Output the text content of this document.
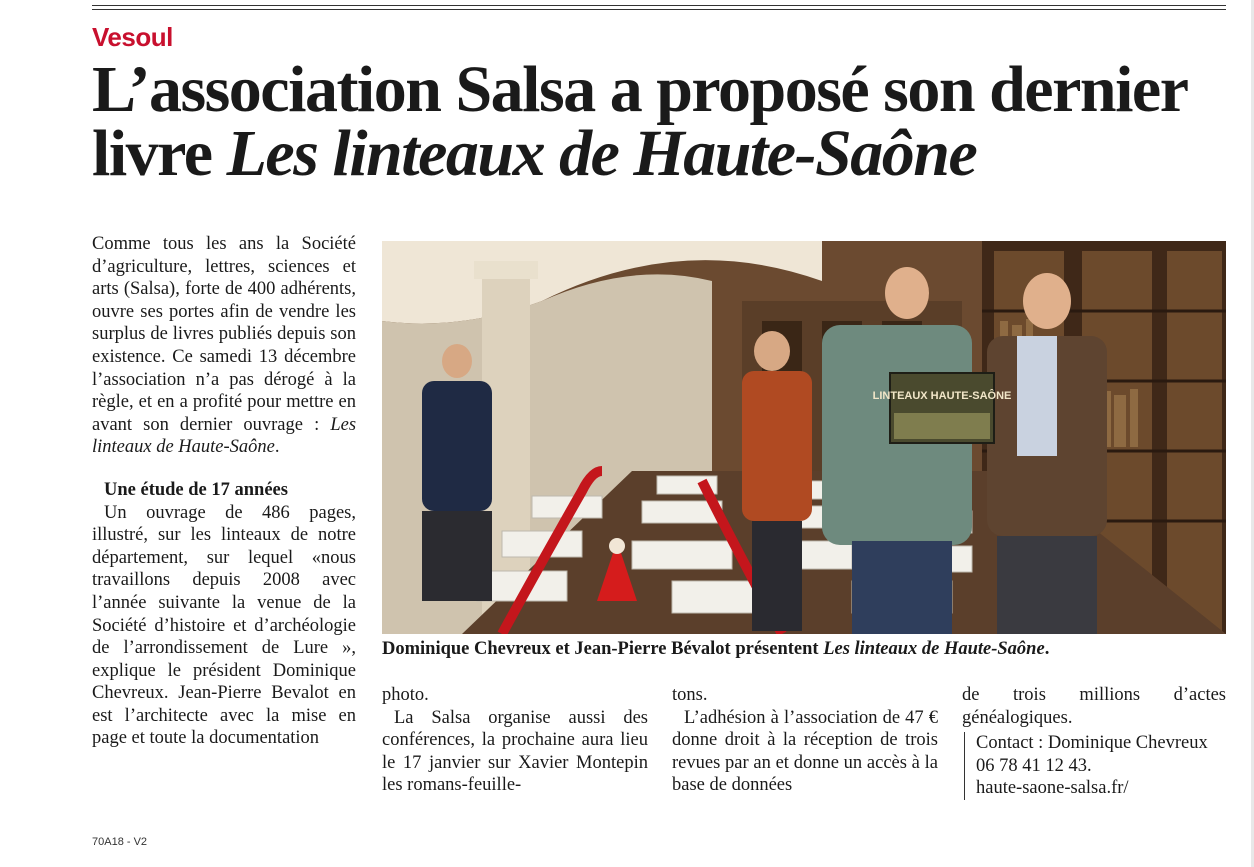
Vesoul
L’association Salsa a proposé son dernier livre Les linteaux de Haute-Saône

Comme tous les ans la Société d’agriculture, lettres, sciences et arts (Salsa), forte de 400 adhérents, ouvre ses portes afin de vendre les surplus de livres publiés depuis son existence. Ce samedi 13 décembre l’association n’a pas dérogé à la règle, et en a profité pour mettre en avant son dernier ouvrage : Les linteaux de Haute-Saône.

Une étude de 17 années

Un ouvrage de 486 pages, illustré, sur les linteaux de notre département, sur lequel «nous travaillons depuis 2008 avec l’année suivante la venue de la Société d’histoire et d’archéologie de l’arrondissement de Lure », explique le président Dominique Chevreux. Jean-Pierre Bevalot en est l’architecte avec la mise en page et toute la documentation

LINTEAUX HAUTE-SAÔNE
Dominique Chevreux et Jean-Pierre Bévalot présentent Les linteaux de Haute-Saône.

photo.

La Salsa organise aussi des conférences, la prochaine aura lieu le 17 janvier sur Xavier Montepin les romans-feuille-

tons.

L’adhésion à l’association de 47 € donne droit à la réception de trois revues par an et donne un accès à la base de données

de trois millions d’actes généalogiques.

Contact : Dominique Chevreux
06 78 41 12 43.
haute-saone-salsa.fr/
70A18 - V2
